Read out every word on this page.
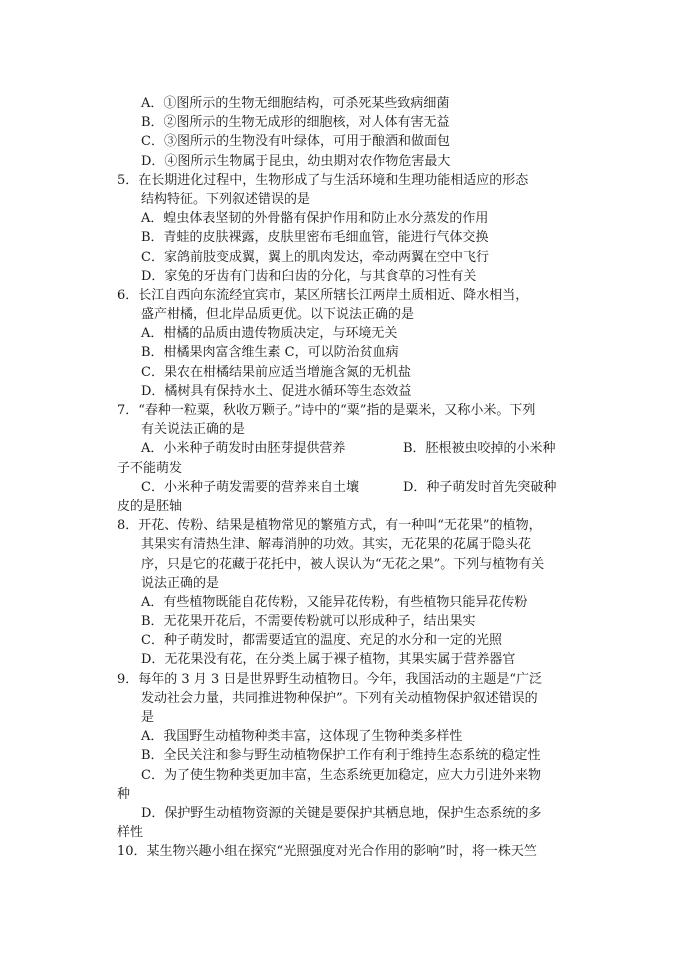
A．①图所示的生物无细胞结构，可杀死某些致病细菌
B．②图所示的生物无成形的细胞核，对人体有害无益
C．③图所示的生物没有叶绿体，可用于酿酒和做面包
D．④图所示生物属于昆虫，幼虫期对农作物危害最大
5．在长期进化过程中，生物形成了与生活环境和生理功能相适应的形态
结构特征。下列叙述错误的是
A．蝗虫体表坚韧的外骨骼有保护作用和防止水分蒸发的作用
B．青蛙的皮肤裸露，皮肤里密布毛细血管，能进行气体交换
C．家鸽前肢变成翼，翼上的肌肉发达，牵动两翼在空中飞行
D．家兔的牙齿有门齿和臼齿的分化，与其食草的习性有关
6．长江自西向东流经宜宾市，某区所辖长江两岸土质相近、降水相当，
盛产柑橘，但北岸品质更优。以下说法正确的是
A．柑橘的品质由遗传物质决定，与环境无关
B．柑橘果肉富含维生素 C，可以防治贫血病
C．果农在柑橘结果前应适当增施含氮的无机盐
D．橘树具有保持水土、促进水循环等生态效益
7．“春种一粒粟，秋收万颗子。”诗中的“粟”指的是粟米，又称小米。下列
有关说法正确的是
A．小米种子萌发时由胚芽提供营养	B．胚根被虫咬掉的小米种
子不能萌发
C．小米种子萌发需要的营养来自土壤	D．种子萌发时首先突破种
皮的是胚轴
8．开花、传粉、结果是植物常见的繁殖方式，有一种叫“无花果”的植物，
其果实有清热生津、解毒消肿的功效。其实，无花果的花属于隐头花
序，只是它的花藏于花托中，被人误认为“无花之果”。下列与植物有关
说法正确的是
A．有些植物既能自花传粉，又能异花传粉，有些植物只能异花传粉
B．无花果开花后，不需要传粉就可以形成种子，结出果实
C．种子萌发时，都需要适宜的温度、充足的水分和一定的光照
D．无花果没有花，在分类上属于裸子植物，其果实属于营养器官
9．每年的 3 月 3 日是世界野生动植物日。今年，我国活动的主题是“广泛
发动社会力量，共同推进物种保护”。下列有关动植物保护叙述错误的
是
A．我国野生动植物种类丰富，这体现了生物种类多样性
B．全民关注和参与野生动植物保护工作有利于维持生态系统的稳定性
C．为了使生物种类更加丰富，生态系统更加稳定，应大力引进外来物
种
D．保护野生动植物资源的关键是要保护其栖息地，保护生态系统的多
样性
10．某生物兴趣小组在探究“光照强度对光合作用的影响”时，将一株天竺
